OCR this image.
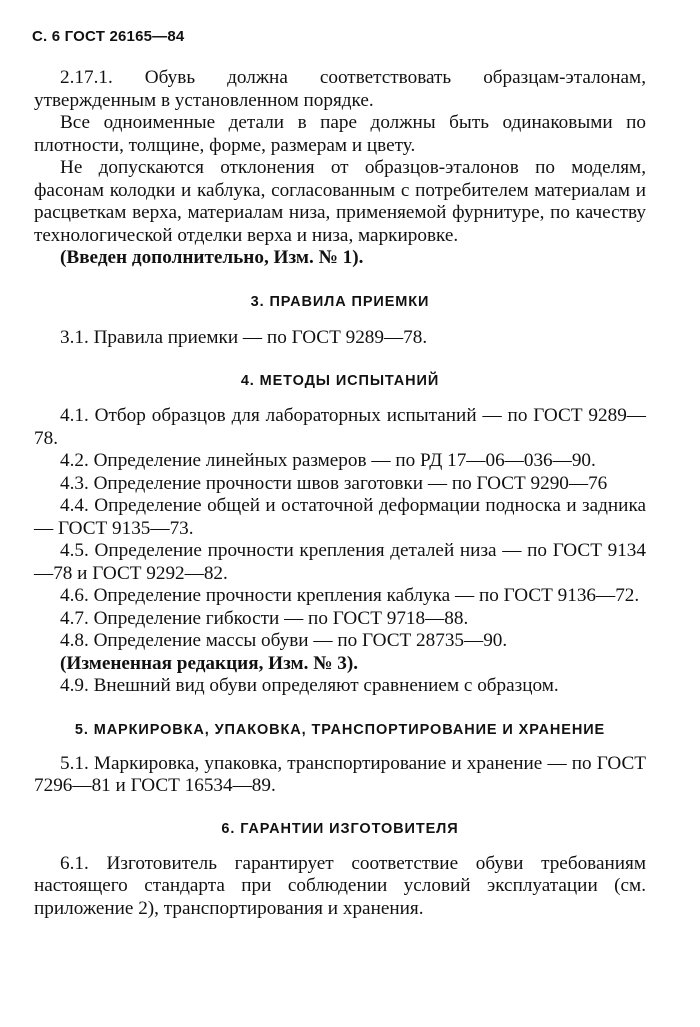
С. 6 ГОСТ 26165—84

2.17.1. Обувь должна соответствовать образцам-эталонам, утвержденным в установленном порядке.

Все одноименные детали в паре должны быть одинаковыми по плотности, толщине, форме, размерам и цвету.

Не допускаются отклонения от образцов-эталонов по моделям, фасонам колодки и каблука, согласованным с потребителем материалам и расцветкам верха, материалам низа, применяемой фурнитуре, по качеству технологической отделки верха и низа, маркировке.

(Введен дополнительно, Изм. № 1).

3. ПРАВИЛА ПРИЕМКИ

3.1. Правила приемки — по ГОСТ 9289—78.

4. МЕТОДЫ ИСПЫТАНИЙ

4.1. Отбор образцов для лабораторных испытаний — по ГОСТ 9289—78.

4.2. Определение линейных размеров — по РД 17—06—036—90.

4.3. Определение прочности швов заготовки — по ГОСТ 9290—76

4.4. Определение общей и остаточной деформации подноска и задника — ГОСТ 9135—73.

4.5. Определение прочности крепления деталей низа — по ГОСТ 9134—78 и ГОСТ 9292—82.

4.6. Определение прочности крепления каблука — по ГОСТ 9136—72.

4.7. Определение гибкости — по ГОСТ 9718—88.

4.8. Определение массы обуви — по ГОСТ 28735—90.

(Измененная редакция, Изм. № 3).

4.9. Внешний вид обуви определяют сравнением с образцом.

5. МАРКИРОВКА, УПАКОВКА, ТРАНСПОРТИРОВАНИЕ И ХРАНЕНИЕ

5.1. Маркировка, упаковка, транспортирование и хранение — по ГОСТ 7296—81 и ГОСТ 16534—89.

6. ГАРАНТИИ ИЗГОТОВИТЕЛЯ

6.1. Изготовитель гарантирует соответствие обуви требованиям настоящего стандарта при соблюдении условий эксплуатации (см. приложение 2), транспортирования и хранения.
